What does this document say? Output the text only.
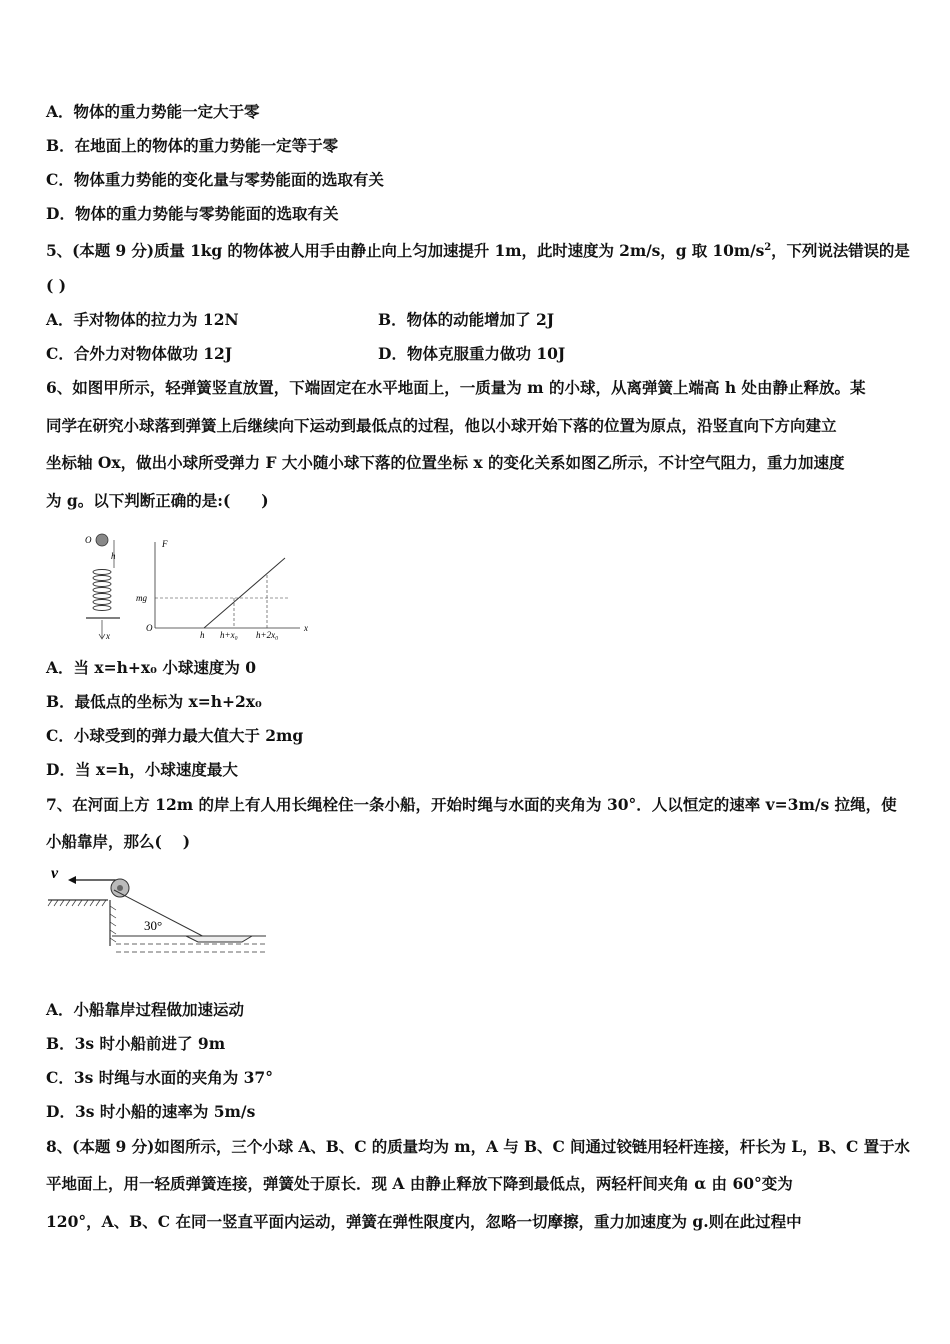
A．物体的重力势能一定大于零
B．在地面上的物体的重力势能一定等于零
C．物体重力势能的变化量与零势能面的选取有关
D．物体的重力势能与零势能面的选取有关
5、(本题 9 分)质量 1kg 的物体被人用手由静止向上匀加速提升 1m，此时速度为 2m/s，g 取 $10m/s^2$，下列说法错误的是
( )
A．手对物体的拉力为 12N	B．物体的动能增加了 2J
C．合外力对物体做功 12J	D．物体克服重力做功 10J
6、如图甲所示，轻弹簧竖直放置，下端固定在水平地面上，一质量为 m 的小球，从离弹簧上端高 h 处由静止释放。某
同学在研究小球落到弹簧上后继续向下运动到最低点的过程，他以小球开始下落的位置为原点，沿竖直向下方向建立
坐标轴 Ox，做出小球所受弹力 F 大小随小球下落的位置坐标 x 的变化关系如图乙所示，不计空气阻力，重力加速度
为 g。以下判断正确的是:(　　)
O
h
x
F
x
O
mg
h h+x₀ h+2x₀
A．当 x=h+x₀ 小球速度为 0
B．最低点的坐标为 x=h+2x₀
C．小球受到的弹力最大值大于 2mg
D．当 x=h，小球速度最大
7、在河面上方 12m 的岸上有人用长绳栓住一条小船，开始时绳与水面的夹角为 30°．人以恒定的速率 v=3m/s 拉绳，使
小船靠岸，那么(　 )
v
30°
A．小船靠岸过程做加速运动
B．3s 时小船前进了 9m
C．3s 时绳与水面的夹角为 37°
D．3s 时小船的速率为 5m/s
8、(本题 9 分)如图所示，三个小球 A、B、C 的质量均为 m，A 与 B、C 间通过铰链用轻杆连接，杆长为 L，B、C 置于水
平地面上，用一轻质弹簧连接，弹簧处于原长．现 A 由静止释放下降到最低点，两轻杆间夹角 α 由 60°变为
120°，A、B、C 在同一竖直平面内运动，弹簧在弹性限度内，忽略一切摩擦，重力加速度为 g.则在此过程中
